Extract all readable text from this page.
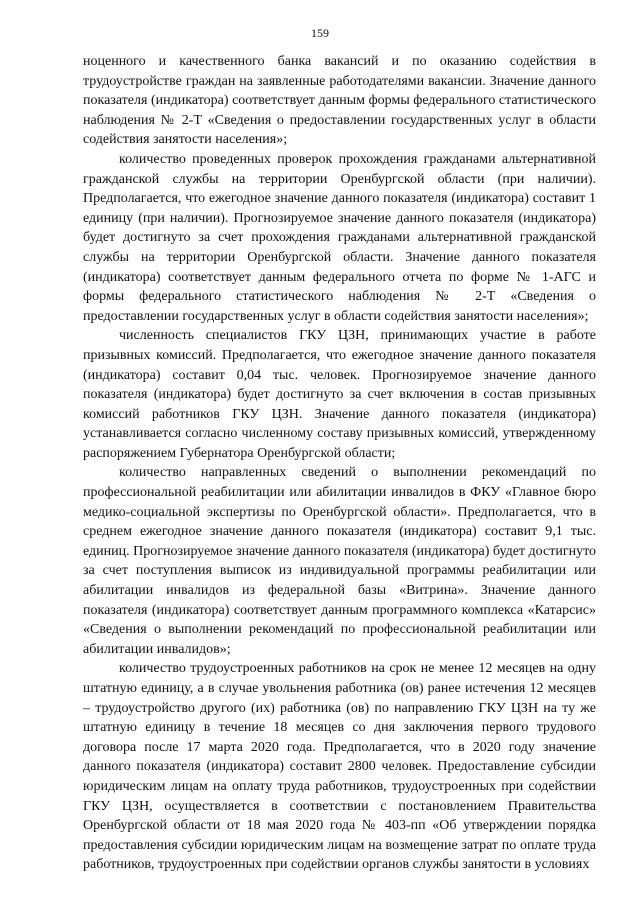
159

ноценного и качественного банка вакансий и по оказанию содействия в трудоустройстве граждан на заявленные работодателями вакансии. Значение данного показателя (индикатора) соответствует данным формы федерального статистического наблюдения № 2-Т «Сведения о предоставлении государственных услуг в области содействия занятости населения»;

количество проведенных проверок прохождения гражданами альтернативной гражданской службы на территории Оренбургской области (при наличии). Предполагается, что ежегодное значение данного показателя (индикатора) составит 1 единицу (при наличии). Прогнозируемое значение данного показателя (индикатора) будет достигнуто за счет прохождения гражданами альтернативной гражданской службы на территории Оренбургской области. Значение данного показателя (индикатора) соответствует данным федерального отчета по форме № 1-АГС и формы федерального статистического наблюдения № 2-Т «Сведения о предоставлении государственных услуг в области содействия занятости населения»;

численность специалистов ГКУ ЦЗН, принимающих участие в работе призывных комиссий. Предполагается, что ежегодное значение данного показателя (индикатора) составит 0,04 тыс. человек. Прогнозируемое значение данного показателя (индикатора) будет достигнуто за счет включения в состав призывных комиссий работников ГКУ ЦЗН. Значение данного показателя (индикатора) устанавливается согласно численному составу призывных комиссий, утвержденному распоряжением Губернатора Оренбургской области;

количество направленных сведений о выполнении рекомендаций по профессиональной реабилитации или абилитации инвалидов в ФКУ «Главное бюро медико-социальной экспертизы по Оренбургской области». Предполагается, что в среднем ежегодное значение данного показателя (индикатора) составит 9,1 тыс. единиц. Прогнозируемое значение данного показателя (индикатора) будет достигнуто за счет поступления выписок из индивидуальной программы реабилитации или абилитации инвалидов из федеральной базы «Витрина». Значение данного показателя (индикатора) соответствует данным программного комплекса «Катарсис» «Сведения о выполнении рекомендаций по профессиональной реабилитации или абилитации инвалидов»;

количество трудоустроенных работников на срок не менее 12 месяцев на одну штатную единицу, а в случае увольнения работника (ов) ранее истечения 12 месяцев – трудоустройство другого (их) работника (ов) по направлению ГКУ ЦЗН на ту же штатную единицу в течение 18 месяцев со дня заключения первого трудового договора после 17 марта 2020 года. Предполагается, что в 2020 году значение данного показателя (индикатора) составит 2800 человек. Предоставление субсидии юридическим лицам на оплату труда работников, трудоустроенных при содействии ГКУ ЦЗН, осуществляется в соответствии с постановлением Правительства Оренбургской области от 18 мая 2020 года № 403-пп «Об утверждении порядка предоставления субсидии юридическим лицам на возмещение затрат по оплате труда работников, трудоустроенных при содействии органов службы занятости в условиях
